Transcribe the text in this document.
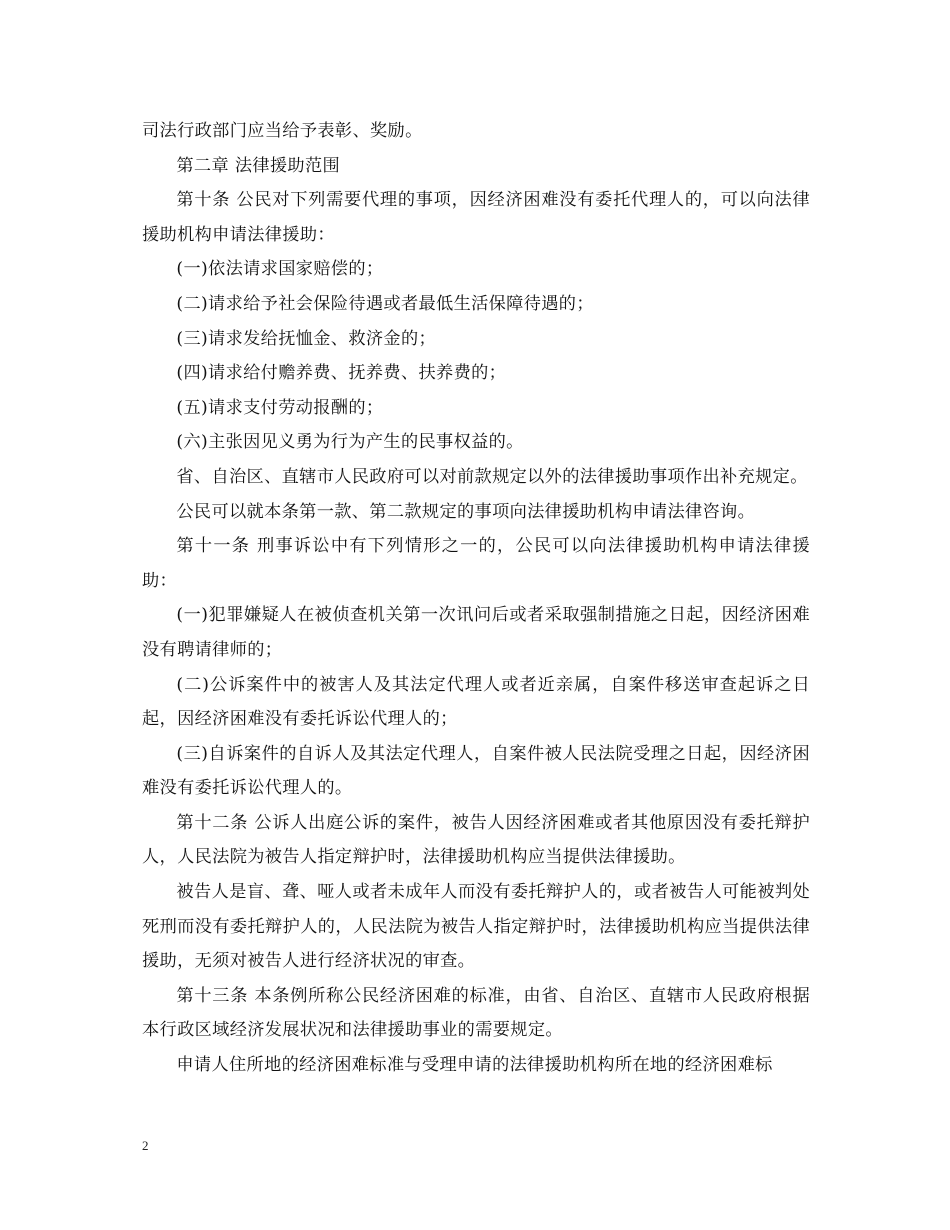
司法行政部门应当给予表彰、奖励。

第二章 法律援助范围

第十条 公民对下列需要代理的事项，因经济困难没有委托代理人的，可以向法律援助机构申请法律援助：

(一)依法请求国家赔偿的；

(二)请求给予社会保险待遇或者最低生活保障待遇的；

(三)请求发给抚恤金、救济金的；

(四)请求给付赡养费、抚养费、扶养费的；

(五)请求支付劳动报酬的；

(六)主张因见义勇为行为产生的民事权益的。

省、自治区、直辖市人民政府可以对前款规定以外的法律援助事项作出补充规定。

公民可以就本条第一款、第二款规定的事项向法律援助机构申请法律咨询。

第十一条 刑事诉讼中有下列情形之一的，公民可以向法律援助机构申请法律援助：

(一)犯罪嫌疑人在被侦查机关第一次讯问后或者采取强制措施之日起，因经济困难没有聘请律师的；

(二)公诉案件中的被害人及其法定代理人或者近亲属，自案件移送审查起诉之日起，因经济困难没有委托诉讼代理人的；

(三)自诉案件的自诉人及其法定代理人，自案件被人民法院受理之日起，因经济困难没有委托诉讼代理人的。

第十二条 公诉人出庭公诉的案件，被告人因经济困难或者其他原因没有委托辩护人，人民法院为被告人指定辩护时，法律援助机构应当提供法律援助。

被告人是盲、聋、哑人或者未成年人而没有委托辩护人的，或者被告人可能被判处死刑而没有委托辩护人的，人民法院为被告人指定辩护时，法律援助机构应当提供法律援助，无须对被告人进行经济状况的审查。

第十三条 本条例所称公民经济困难的标准，由省、自治区、直辖市人民政府根据本行政区域经济发展状况和法律援助事业的需要规定。

申请人住所地的经济困难标准与受理申请的法律援助机构所在地的经济困难标

2
